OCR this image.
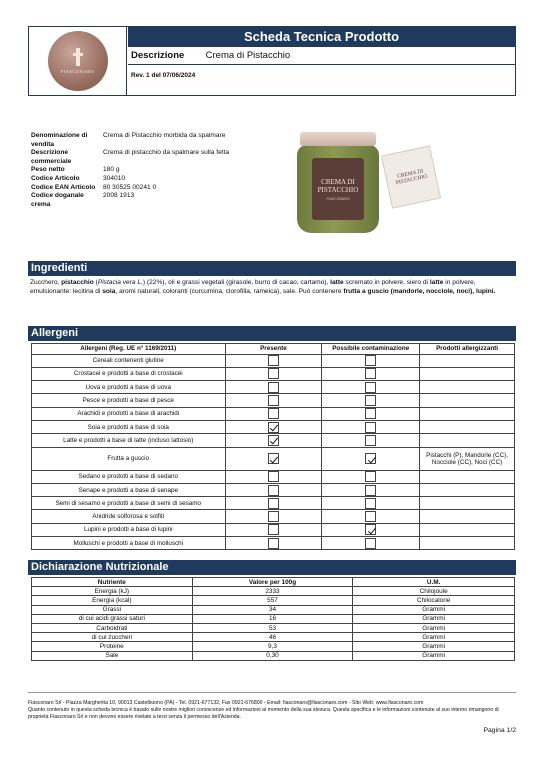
FIASCONARO
Scheda Tecnica Prodotto
Descrizione Crema di Pistacchio
Rev. 1 del 07/06/2024
Denominazione di vendita
Crema di Pistacchio morbida da spalmare
Descrizione commerciale
Crema di pistacchio da spalmare sulla fetta
Peso netto	180 g
Codice Articolo	304010
Codice EAN Articolo	80 30525 00241 0
Codice doganale crema
2008 1913
CREMA DI PISTACCHIO
FIASCONARO
CREMA DI PISTACCHIO
Ingredienti
Zucchero, pistacchio (Pistacia vera L.) (22%), oli e grassi vegetali (girasole, burro di cacao, cartamo), latte scremato in polvere, siero di latte in polvere, emulsionante: lecitina di soia, aromi naturali, coloranti (curcumina, clorofilla, rameica), sale. Può contenere frutta a guscio (mandorle, nocciole, noci), lupini.
Allergeni
Allergeni (Reg. UE n° 1169/2011)	Presente	Possibile contaminazione	Prodotti allergizzanti
Cereali contenenti glutine			
Crostacei e prodotti a base di crostacei			
Uova e prodotti a base di uova			
Pesce e prodotti a base di pesce			
Arachidi e prodotti a base di arachidi			
Soia e prodotti a base di soia			
Latte e prodotti a base di latte (incluso lattosio)			
Frutta a guscio			Pistacchi (P), Mandorle (CC), Nocciole (CC), Noci (CC)
Sedano e prodotti a base di sedano			
Senape e prodotti a base di senape			
Semi di sesamo e prodotti a base di semi di sesamo			
Anidride solforosa e solfiti			
Lupini e prodotti a base di lupini			
Molluschi e prodotti a base di molluschi			
Dichiarazione Nutrizionale
Nutriente	Valore per 100g	U.M.
Energia (kJ)	2333	Chilojoule
Energia (kcal)	557	Chilocalorie
Grassi	34	Grammi
di cui acidi grassi saturi	16	Grammi
Carboidrati	53	Grammi
di cui zuccheri	46	Grammi
Proteine	9,3	Grammi
Sale	0,30	Grammi
Fiasconaro Srl - Piazza Margherita 10, 90013 Castelbuono (PA) - Tel. 0921-677132, Fax 0921-676800 - Email: fiasconaro@fiasconaro.com - Sito Web: www.fiasconaro.com
Quanto contenuto in questa scheda tecnica è basato sulle nostre migliori conoscenze ed informazioni al momento della sua stesura. Questa specifica e le informazioni contenute al suo interno rimangono di proprietà Fiasconaro Srl e non devono essere rivelate a terzi senza il permesso dell'Azienda.
Pagina 1/2
